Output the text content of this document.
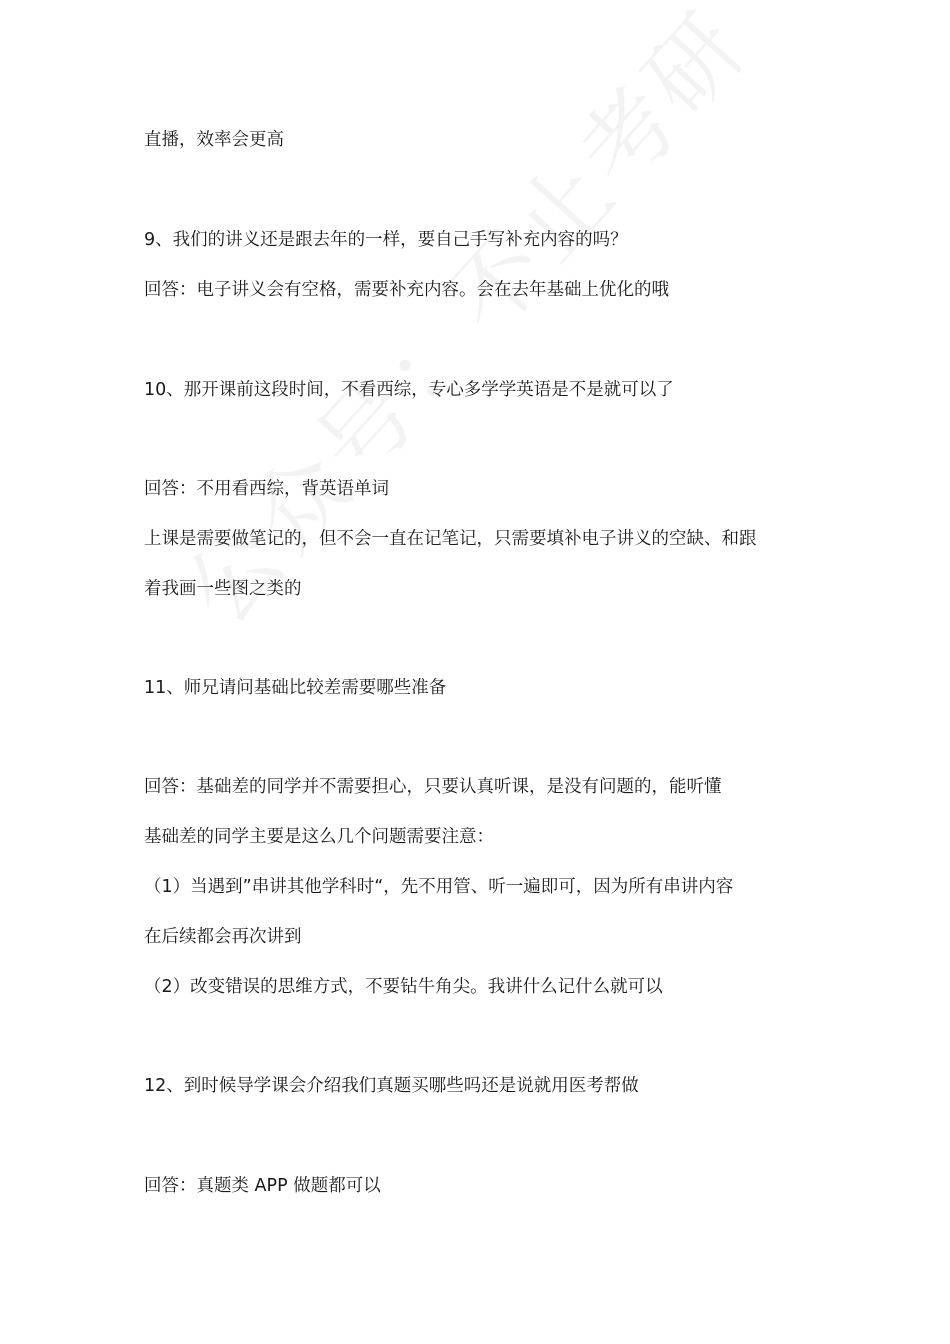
直播，效率会更高
9、我们的讲义还是跟去年的一样，要自己手写补充内容的吗？
回答：电子讲义会有空格，需要补充内容。会在去年基础上优化的哦
10、那开课前这段时间，不看西综，专心多学学英语是不是就可以了
回答：不用看西综，背英语单词
上课是需要做笔记的，但不会一直在记笔记，只需要填补电子讲义的空缺、和跟
着我画一些图之类的
11、师兄请问基础比较差需要哪些准备
回答：基础差的同学并不需要担心，只要认真听课，是没有问题的，能听懂
基础差的同学主要是这么几个问题需要注意：
（1）当遇到”串讲其他学科时“，先不用管、听一遍即可，因为所有串讲内容
在后续都会再次讲到
（2）改变错误的思维方式，不要钻牛角尖。我讲什么记什么就可以
12、到时候导学课会介绍我们真题买哪些吗还是说就用医考帮做
回答：真题类 APP 做题都可以
